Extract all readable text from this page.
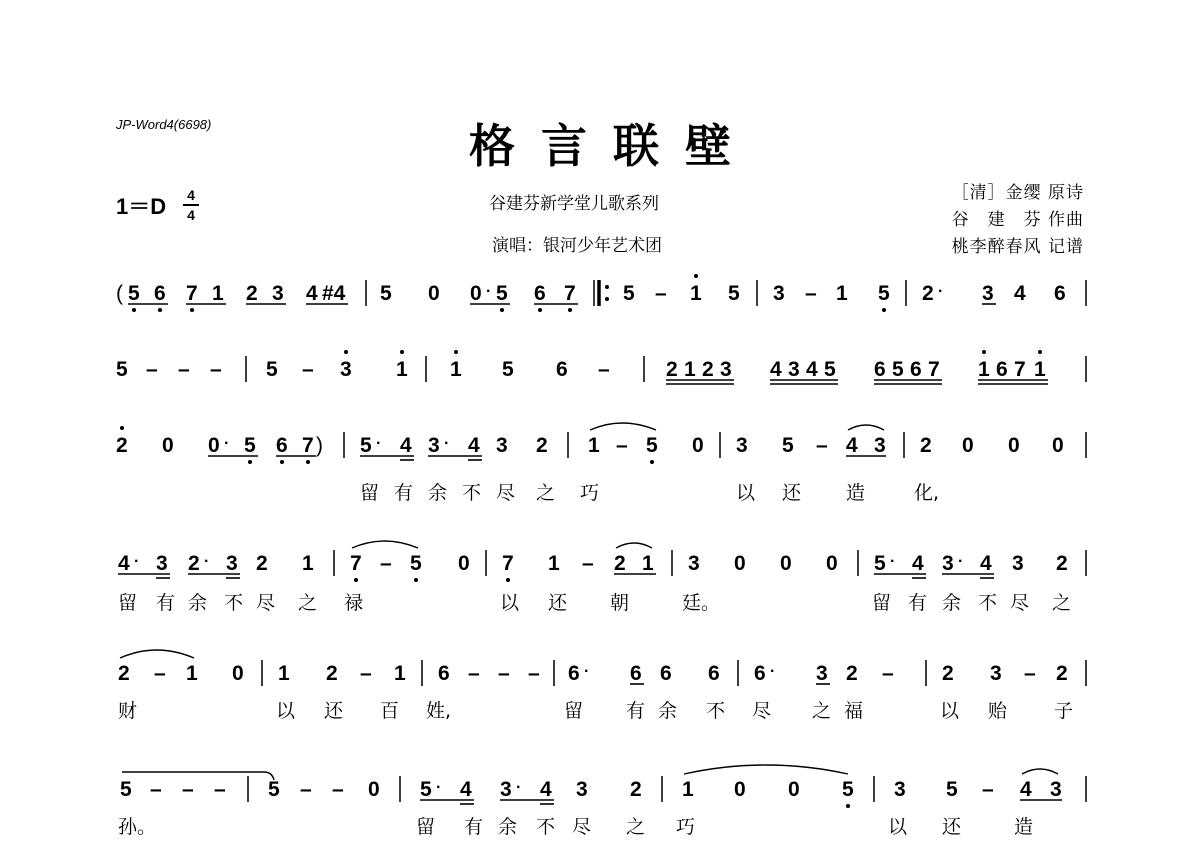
JP-Word4(6698)	格言联壁
1＝D 4
4
谷建芬新学堂儿歌系列
演唱：银河少年艺术团
［清］金缨 原诗
谷　建　芬 作曲
桃李醉春风 记谱
( 5 6 7 1 2 3 4 #4 5 0 0 · 5 6 7 5 – 1 5 3 – 1 5 2 · 3 4 6
5 – – – 5 – 3 1 1 5 6 –	2 1 2 3 4 3 4 5 6 5 6 7 1 6 7 1
2 0 0 · 5 6 7 ) 5 · 4 3 · 4 3 2 1 – 5 0 3 5 – 4 3 2 0 0 0
留 有 余 不 尽 之 巧	以 还 造	化,
4 · 3 2 · 3 2 1 7 – 5 0 7 1 – 2 1 3 0 0 0 5 · 4 3 · 4 3 2
留 有 余 不 尽 之 禄	以 还 朝	廷。	留 有 余 不 尽 之
2 – 1 0 1 2 – 1 6 – – – 6 · 6 6 6 6 · 3 2 – 2 3 – 2
财	以 还 百 姓,	留 有 余 不 尽 之 福	以 贻 子
5 – – – 5 – – 0 5 · 4 3 · 4 3 2 1 0 0 5 3 5 – 4 3
孙。	留 有 余 不 尽 之 巧	以 还	造
